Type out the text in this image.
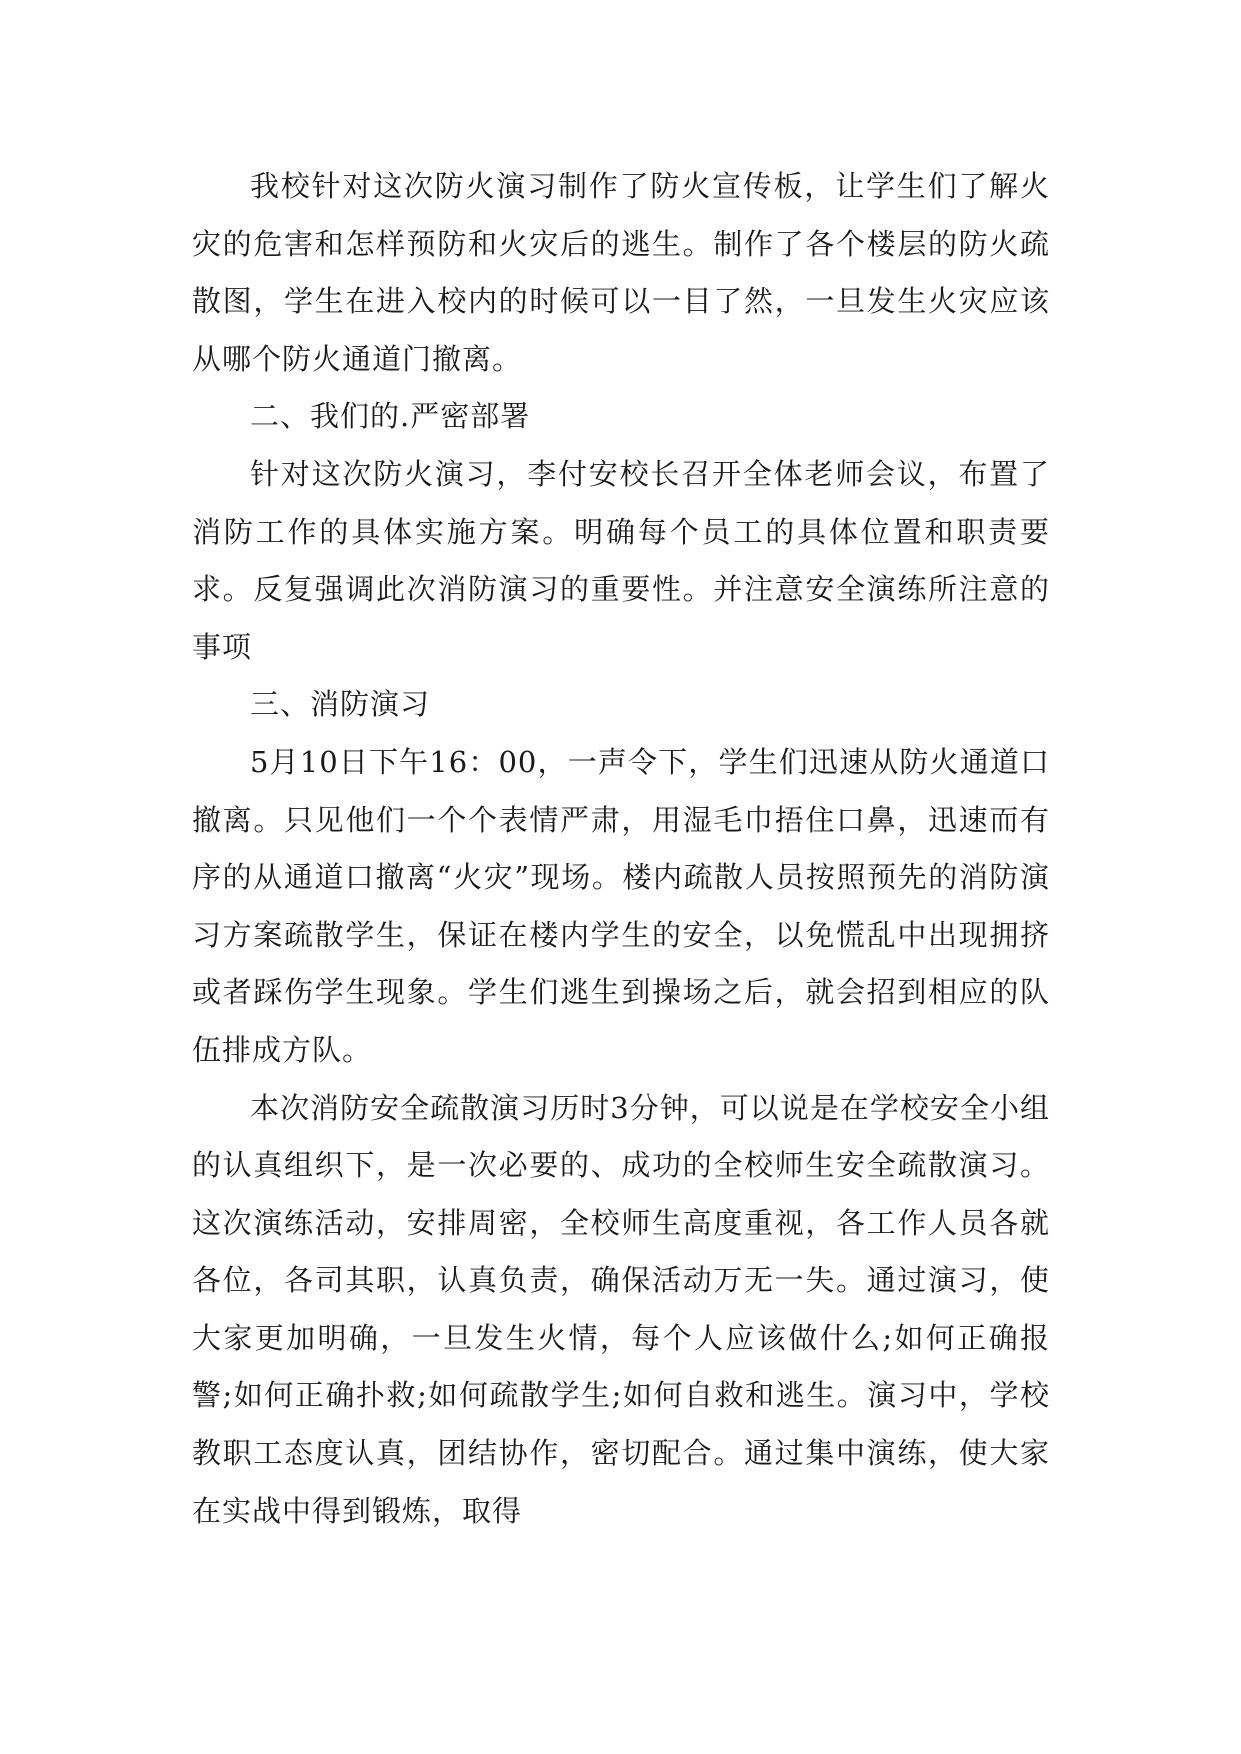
我校针对这次防火演习制作了防火宣传板，让学生们了解火灾的危害和怎样预防和火灾后的逃生。制作了各个楼层的防火疏散图，学生在进入校内的时候可以一目了然，一旦发生火灾应该从哪个防火通道门撤离。

二、我们的.严密部署

针对这次防火演习，李付安校长召开全体老师会议，布置了消防工作的具体实施方案。明确每个员工的具体位置和职责要求。反复强调此次消防演习的重要性。并注意安全演练所注意的事项

三、消防演习

5月10日下午16：00，一声令下，学生们迅速从防火通道口撤离。只见他们一个个表情严肃，用湿毛巾捂住口鼻，迅速而有序的从通道口撤离“火灾”现场。楼内疏散人员按照预先的消防演习方案疏散学生，保证在楼内学生的安全，以免慌乱中出现拥挤或者踩伤学生现象。学生们逃生到操场之后，就会招到相应的队伍排成方队。

本次消防安全疏散演习历时3分钟，可以说是在学校安全小组的认真组织下，是一次必要的、成功的全校师生安全疏散演习。这次演练活动，安排周密，全校师生高度重视，各工作人员各就各位，各司其职，认真负责，确保活动万无一失。通过演习，使大家更加明确，一旦发生火情，每个人应该做什么;如何正确报警;如何正确扑救;如何疏散学生;如何自救和逃生。演习中，学校教职工态度认真，团结协作，密切配合。通过集中演练，使大家在实战中得到锻炼，取得
